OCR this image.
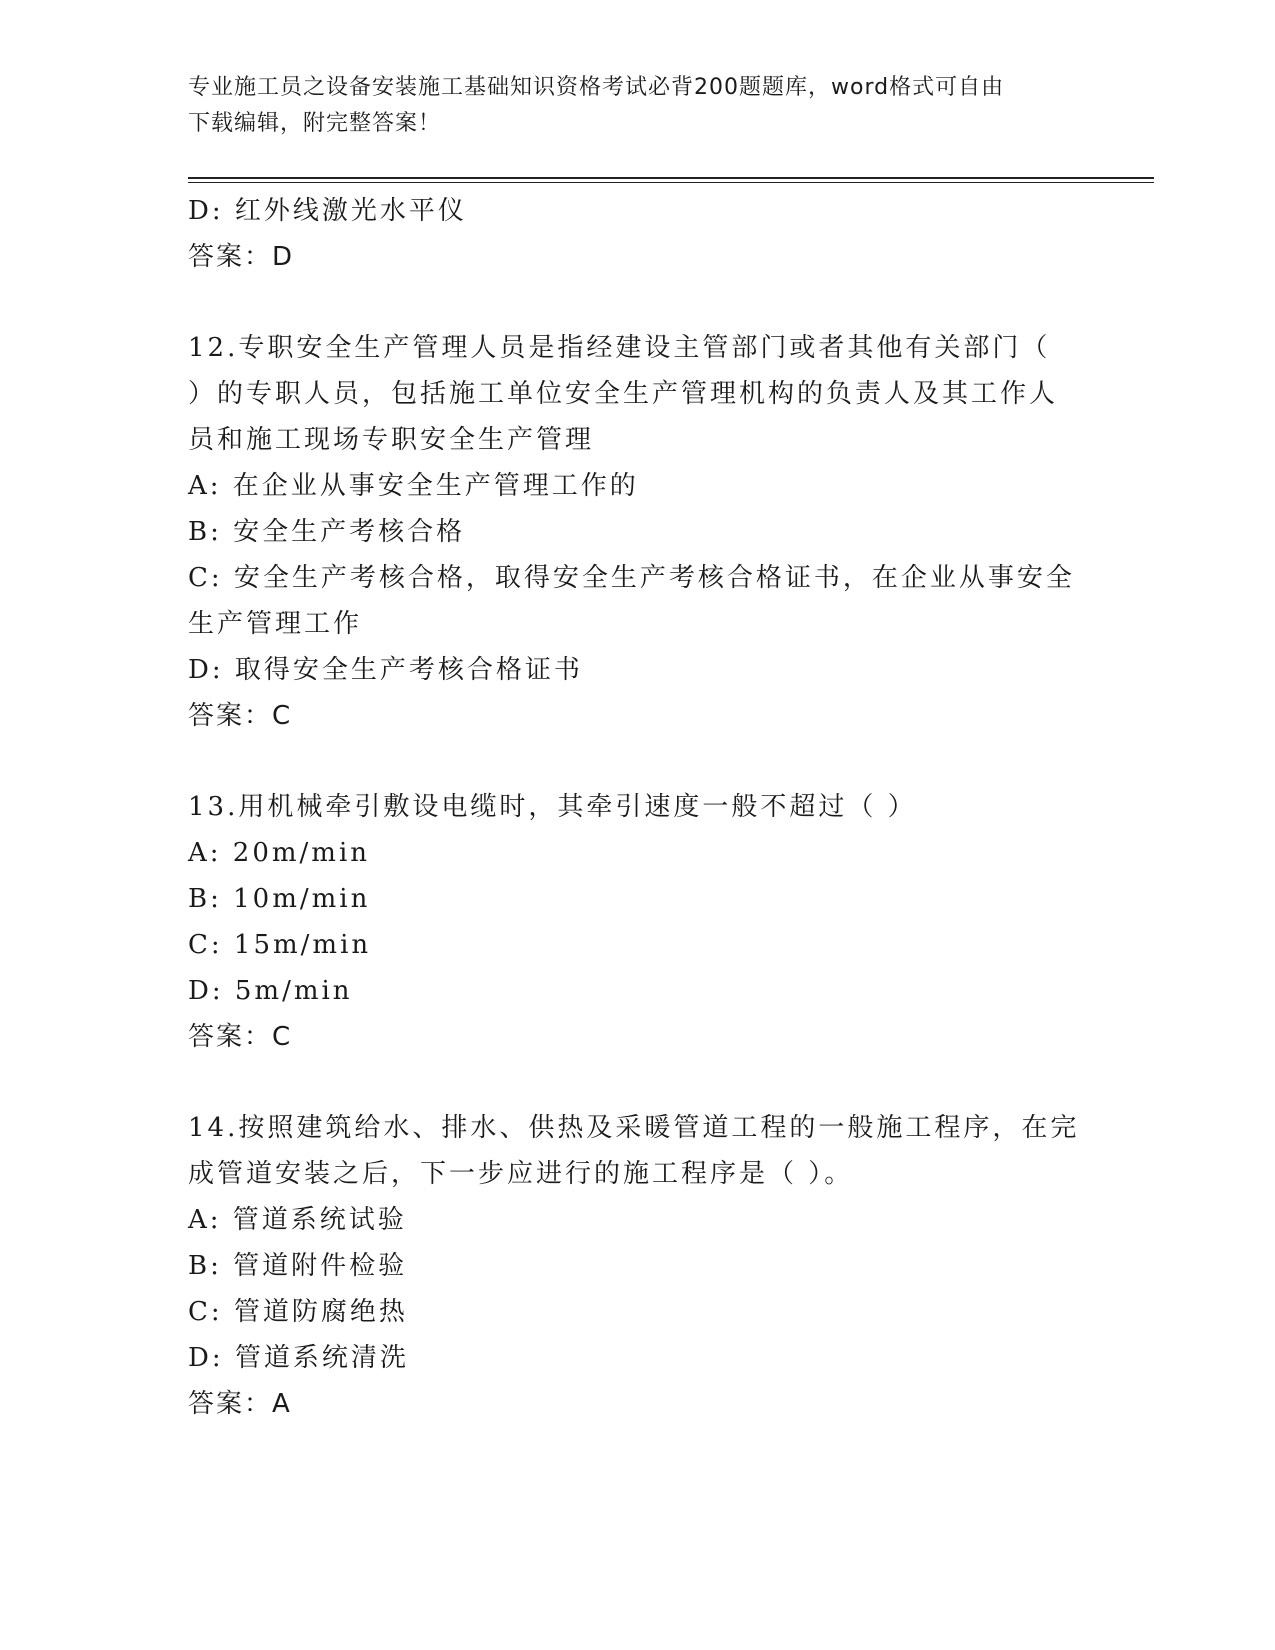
专业施工员之设备安装施工基础知识资格考试必背200题题库，word格式可自由
下载编辑，附完整答案！
D: 红外线激光水平仪
答案：D
12.专职安全生产管理人员是指经建设主管部门或者其他有关部门（
）的专职人员，包括施工单位安全生产管理机构的负责人及其工作人
员和施工现场专职安全生产管理
A: 在企业从事安全生产管理工作的
B: 安全生产考核合格
C: 安全生产考核合格，取得安全生产考核合格证书，在企业从事安全
生产管理工作
D: 取得安全生产考核合格证书
答案：C
13.用机械牵引敷设电缆时，其牵引速度一般不超过（ ）
A: 20m/min
B: 10m/min
C: 15m/min
D: 5m/min
答案：C
14.按照建筑给水、排水、供热及采暖管道工程的一般施工程序，在完
成管道安装之后，下一步应进行的施工程序是（ ）。
A: 管道系统试验
B: 管道附件检验
C: 管道防腐绝热
D: 管道系统清洗
答案：A
